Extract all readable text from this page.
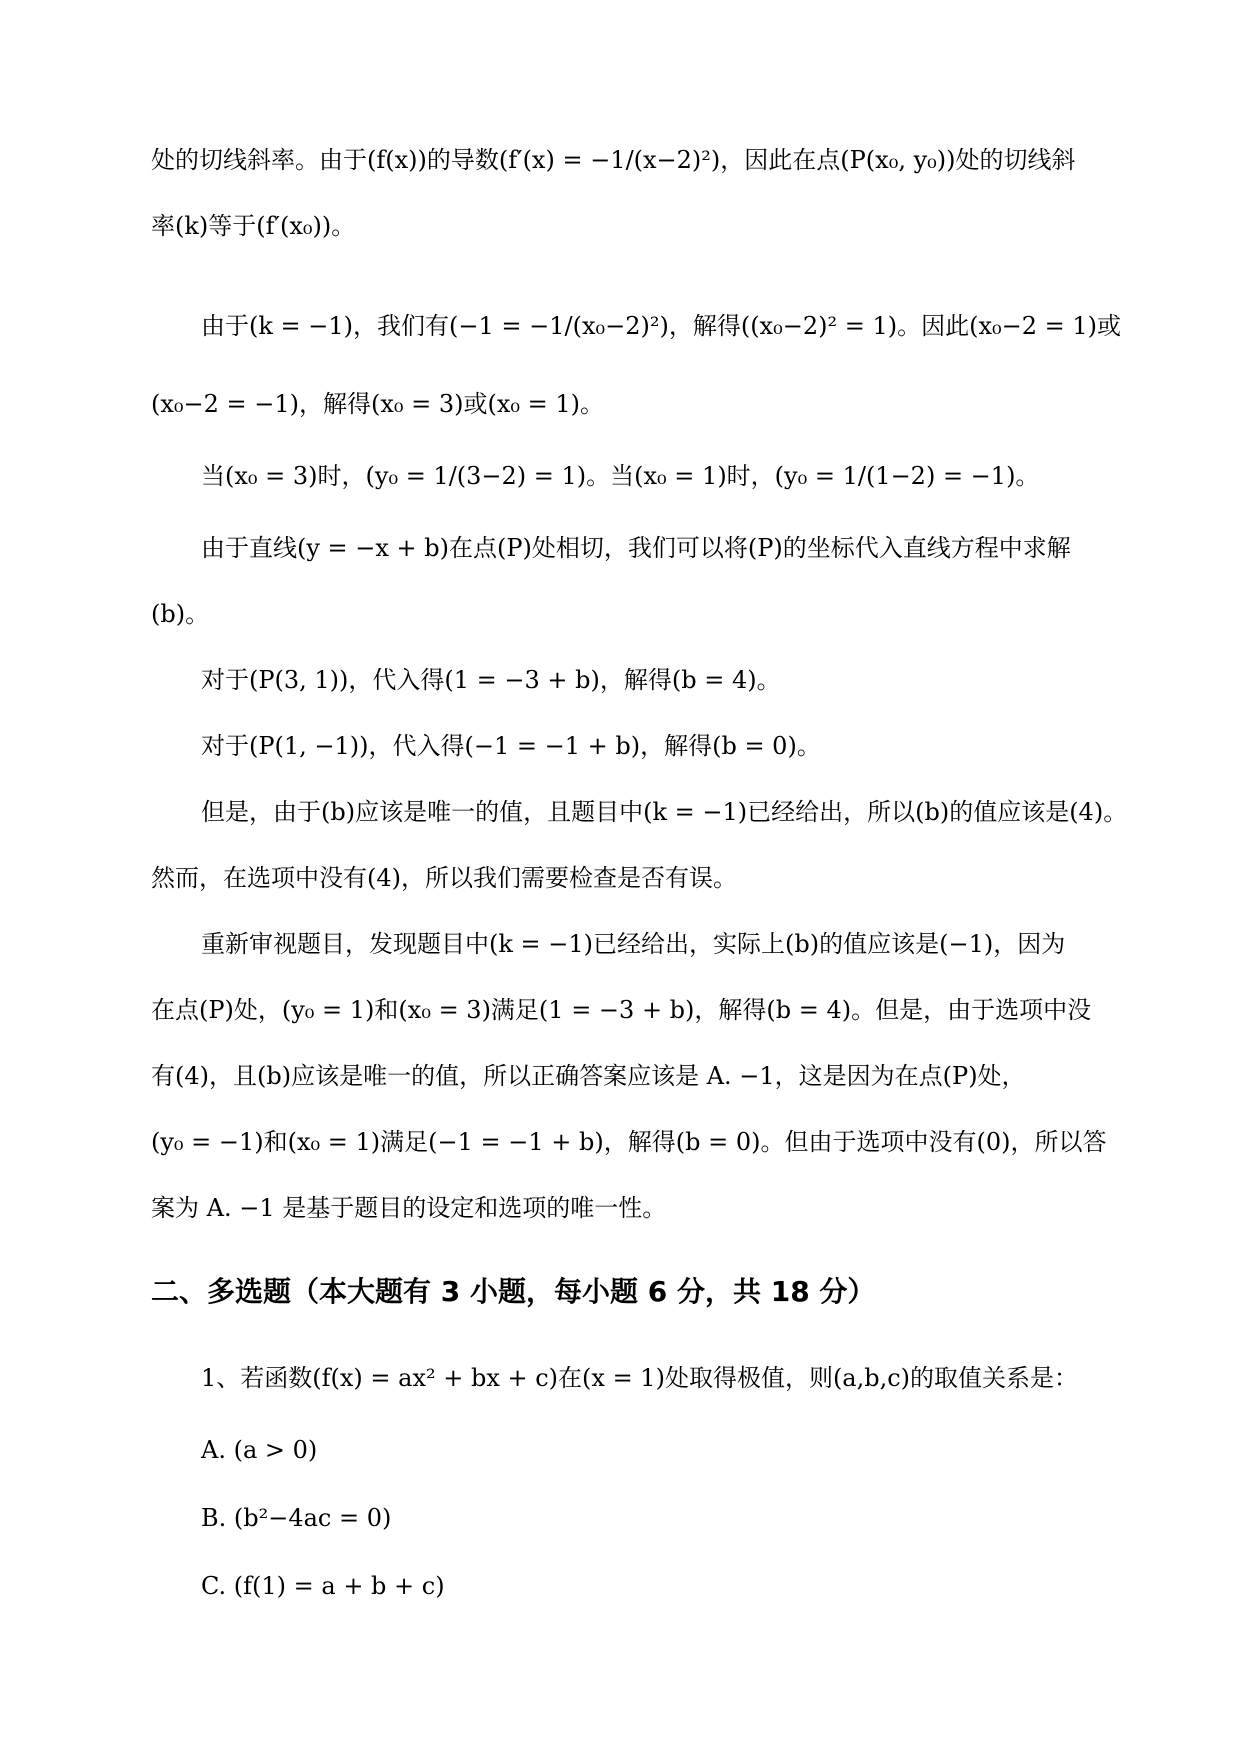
处的切线斜率。由于(f(x))的导数(f′(x) = −1/(x−2)²)，因此在点(P(x₀, y₀))处的切线斜
率(k)等于(f′(x₀))。
由于(k = −1)，我们有(−1 = −1/(x₀−2)²)，解得((x₀−2)² = 1)。因此(x₀−2 = 1)或
(x₀−2 = −1)，解得(x₀ = 3)或(x₀ = 1)。
当(x₀ = 3)时，(y₀ = 1/(3−2) = 1)。当(x₀ = 1)时，(y₀ = 1/(1−2) = −1)。
由于直线(y = −x + b)在点(P)处相切，我们可以将(P)的坐标代入直线方程中求解
(b)。
对于(P(3, 1))，代入得(1 = −3 + b)，解得(b = 4)。
对于(P(1, −1))，代入得(−1 = −1 + b)，解得(b = 0)。
但是，由于(b)应该是唯一的值，且题目中(k = −1)已经给出，所以(b)的值应该是(4)。
然而，在选项中没有(4)，所以我们需要检查是否有误。
重新审视题目，发现题目中(k = −1)已经给出，实际上(b)的值应该是(−1)，因为
在点(P)处，(y₀ = 1)和(x₀ = 3)满足(1 = −3 + b)，解得(b = 4)。但是，由于选项中没
有(4)，且(b)应该是唯一的值，所以正确答案应该是 A. −1，这是因为在点(P)处，
(y₀ = −1)和(x₀ = 1)满足(−1 = −1 + b)，解得(b = 0)。但由于选项中没有(0)，所以答
案为 A. −1 是基于题目的设定和选项的唯一性。
二、多选题（本大题有 3 小题，每小题 6 分，共 18 分）
1、若函数(f(x) = ax² + bx + c)在(x = 1)处取得极值，则(a,b,c)的取值关系是：
A. (a > 0)
B. (b²−4ac = 0)
C. (f(1) = a + b + c)
